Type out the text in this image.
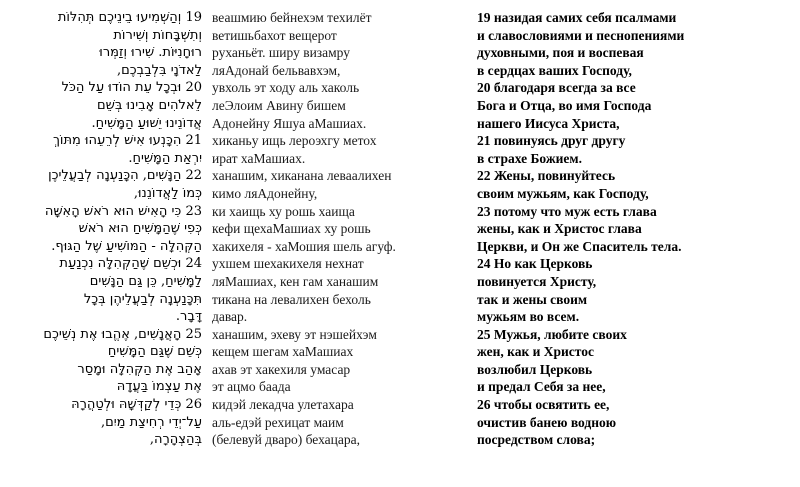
19 וְהַשְׁמִיעוּ בֵינֵיכֶם תְּהִלּוֹת веашмию бейнехэм техилёт	19 назидая самих себя псалмами
וְתִשְׁבָּחוֹת וְשִׁירוֹת ветишьбахот вещерот	и славословиями и песнопениями
רוּחָנִיּוֹת. שִׁירוּ וְזַמְּרוּ руханьёт. ширу визамру	духовными, поя и воспевая
לַאדֹנָי בִּלְבַבְכֶם, ляАдонай бельвавхэм,	в сердцах ваших Господу,
20 וּבְכָל עֵת הוֹדוּ עַל הַכֹּל увхоль эт ходу аль хаколь	20 благодаря всегда за все
לֵאלֹהִים אָבִינוּ בְּשֵׁם леЭлоим Авину бишем	Бога и Отца, во имя Господа
אֲדוֹנֵינוּ יֵשׁוּעַ הַמָּשִׁיחַ. Адонейну Яшуа аМашиах.	нашего Иисуса Христа,
21 הִכָּנְעוּ אִישׁ לְרֵעֵהוּ מִתּוֹךְ хиканьу ищь лероэхгу метох	21 повинуясь друг другу
יִרְאַת הַמָּשִׁיחַ. ират хаМашиах.	в страхе Божием.
22 הַנָּשִׁים, הִכָּנַעְנָה לְבַעֲלֵיכֶן ханашим, хиканана леваалихен	22 Жены, повинуйтесь
כְּמוֹ לַאֲדוֹנֵנוּ, кимо ляАдонейну,	своим мужьям, как Господу,
23 כִּי הָאִישׁ הוּא רֹאשׁ הָאִשָּׁה ки хаищь ху рошь хаища	23 потому что муж есть глава
כְּפִי שֶׁהַמָּשִׁיחַ הוּא רֹאשׁ кефи щехаМашиах ху рошь	жены, как и Христос глава
הַקְּהִלָּה - הַמּוֹשִׁיעַ שֶׁל הַגּוּף. хакихеля - хаМошия шель агуф.	Церкви, и Он же Спаситель тела.
24 וּכְשֵׁם שֶׁהַקְּהִלָּה נִכְנַעַת ухшем шехакихеля нехнат	24 Но как Церковь
לַמָּשִׁיחַ, כֵּן גַּם הַנָּשִׁים ляМашиах, кен гам ханашим	повинуется Христу,
תִּכָּנַעְנָה לְבַעֲלֵיהֶן בְּכָל тикана на левалихен бехоль	так и жены своим
דָּבָר. давар.	мужьям во всем.
25 הָאֲנָשִׁים, אֶהֱבוּ אֶת נְשֵׁיכֶם ханашим, эхеву эт нэшейхэм	25 Мужья, любите своих
כְּשֵׁם שֶׁגַּם הַמָּשִׁיחַ кещем шегам хаМашиах	жен, как и Христос
אָהַב אֶת הַקְּהִלָּה וּמָסַר ахав эт хакехиля умасар	возлюбил Церковь
אֶת עַצְמוֹ בַּעֲדָהּ эт ацмо баада	и предал Себя за нее,
26 כְּדֵי לְקַדְּשָׁהּ וּלְטַהֲרָהּ кидэй лекадча улетахара	26 чтобы освятить ее,
עַל־יְדֵי רְחִיצַת מַיִם, аль-едэй рехицат маим	очистив банею водною
בְּהַצְהָרָה, (белевуй дваро) бехацара,	посредством слова;
